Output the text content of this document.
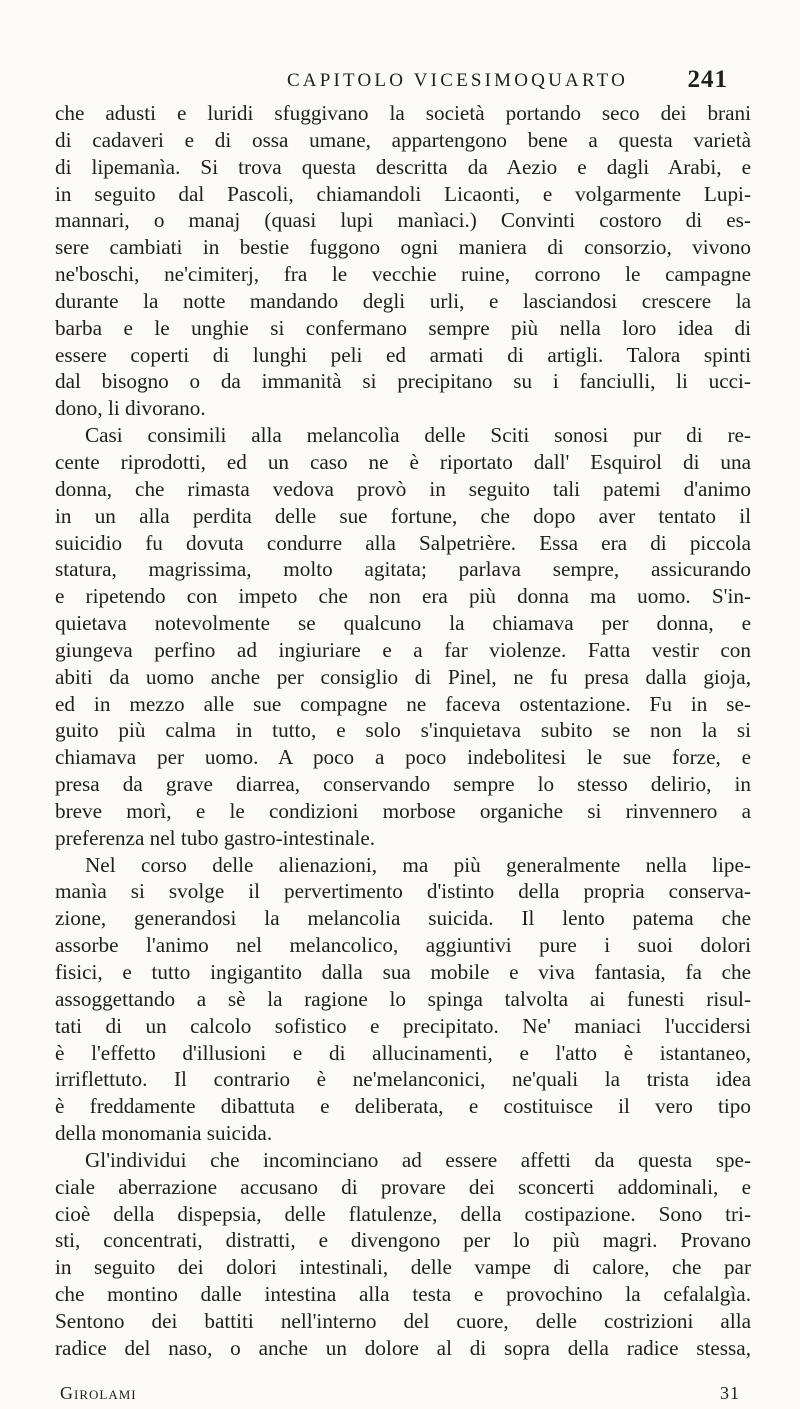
CAPITOLO VICESIMOQUARTO 241
che adusti e luridi sfuggivano la società portando seco dei brani
di cadaveri e di ossa umane, appartengono bene a questa varietà
di lipemanìa. Si trova questa descritta da Aezio e dagli Arabi, e
in seguito dal Pascoli, chiamandoli Licaonti, e volgarmente Lupi-
mannari, o manaj (quasi lupi manìaci.) Convinti costoro di es-
sere cambiati in bestie fuggono ogni maniera di consorzio, vivono
ne'boschi, ne'cimiterj, fra le vecchie ruine, corrono le campagne
durante la notte mandando degli urli, e lasciandosi crescere la
barba e le unghie si confermano sempre più nella loro idea di
essere coperti di lunghi peli ed armati di artigli. Talora spinti
dal bisogno o da immanità si precipitano su i fanciulli, li ucci-
dono, li divorano.
Casi consimili alla melancolìa delle Sciti sonosi pur di re-
cente riprodotti, ed un caso ne è riportato dall' Esquirol di una
donna, che rimasta vedova provò in seguito tali patemi d'animo
in un alla perdita delle sue fortune, che dopo aver tentato il
suicidio fu dovuta condurre alla Salpetrière. Essa era di piccola
statura, magrissima, molto agitata; parlava sempre, assicurando
e ripetendo con impeto che non era più donna ma uomo. S'in-
quietava notevolmente se qualcuno la chiamava per donna, e
giungeva perfino ad ingiuriare e a far violenze. Fatta vestir con
abiti da uomo anche per consiglio di Pinel, ne fu presa dalla gioja,
ed in mezzo alle sue compagne ne faceva ostentazione. Fu in se-
guito più calma in tutto, e solo s'inquietava subito se non la si
chiamava per uomo. A poco a poco indebolitesi le sue forze, e
presa da grave diarrea, conservando sempre lo stesso delirio, in
breve morì, e le condizioni morbose organiche si rinvennero a
preferenza nel tubo gastro-intestinale.
Nel corso delle alienazioni, ma più generalmente nella lipe-
manìa si svolge il pervertimento d'istinto della propria conserva-
zione, generandosi la melancolia suicida. Il lento patema che
assorbe l'animo nel melancolico, aggiuntivi pure i suoi dolori
fisici, e tutto ingigantito dalla sua mobile e viva fantasia, fa che
assoggettando a sè la ragione lo spinga talvolta ai funesti risul-
tati di un calcolo sofistico e precipitato. Ne' maniaci l'uccidersi
è l'effetto d'illusioni e di allucinamenti, e l'atto è istantaneo,
irriflettuto. Il contrario è ne'melanconici, ne'quali la trista idea
è freddamente dibattuta e deliberata, e costituisce il vero tipo
della monomania suicida.
Gl'individui che incominciano ad essere affetti da questa spe-
ciale aberrazione accusano di provare dei sconcerti addominali, e
cioè della dispepsia, delle flatulenze, della costipazione. Sono tri-
sti, concentrati, distratti, e divengono per lo più magri. Provano
in seguito dei dolori intestinali, delle vampe di calore, che par
che montino dalle intestina alla testa e provochino la cefalalgìa.
Sentono dei battiti nell'interno del cuore, delle costrizioni alla
radice del naso, o anche un dolore al di sopra della radice stessa,
Girolami	31
